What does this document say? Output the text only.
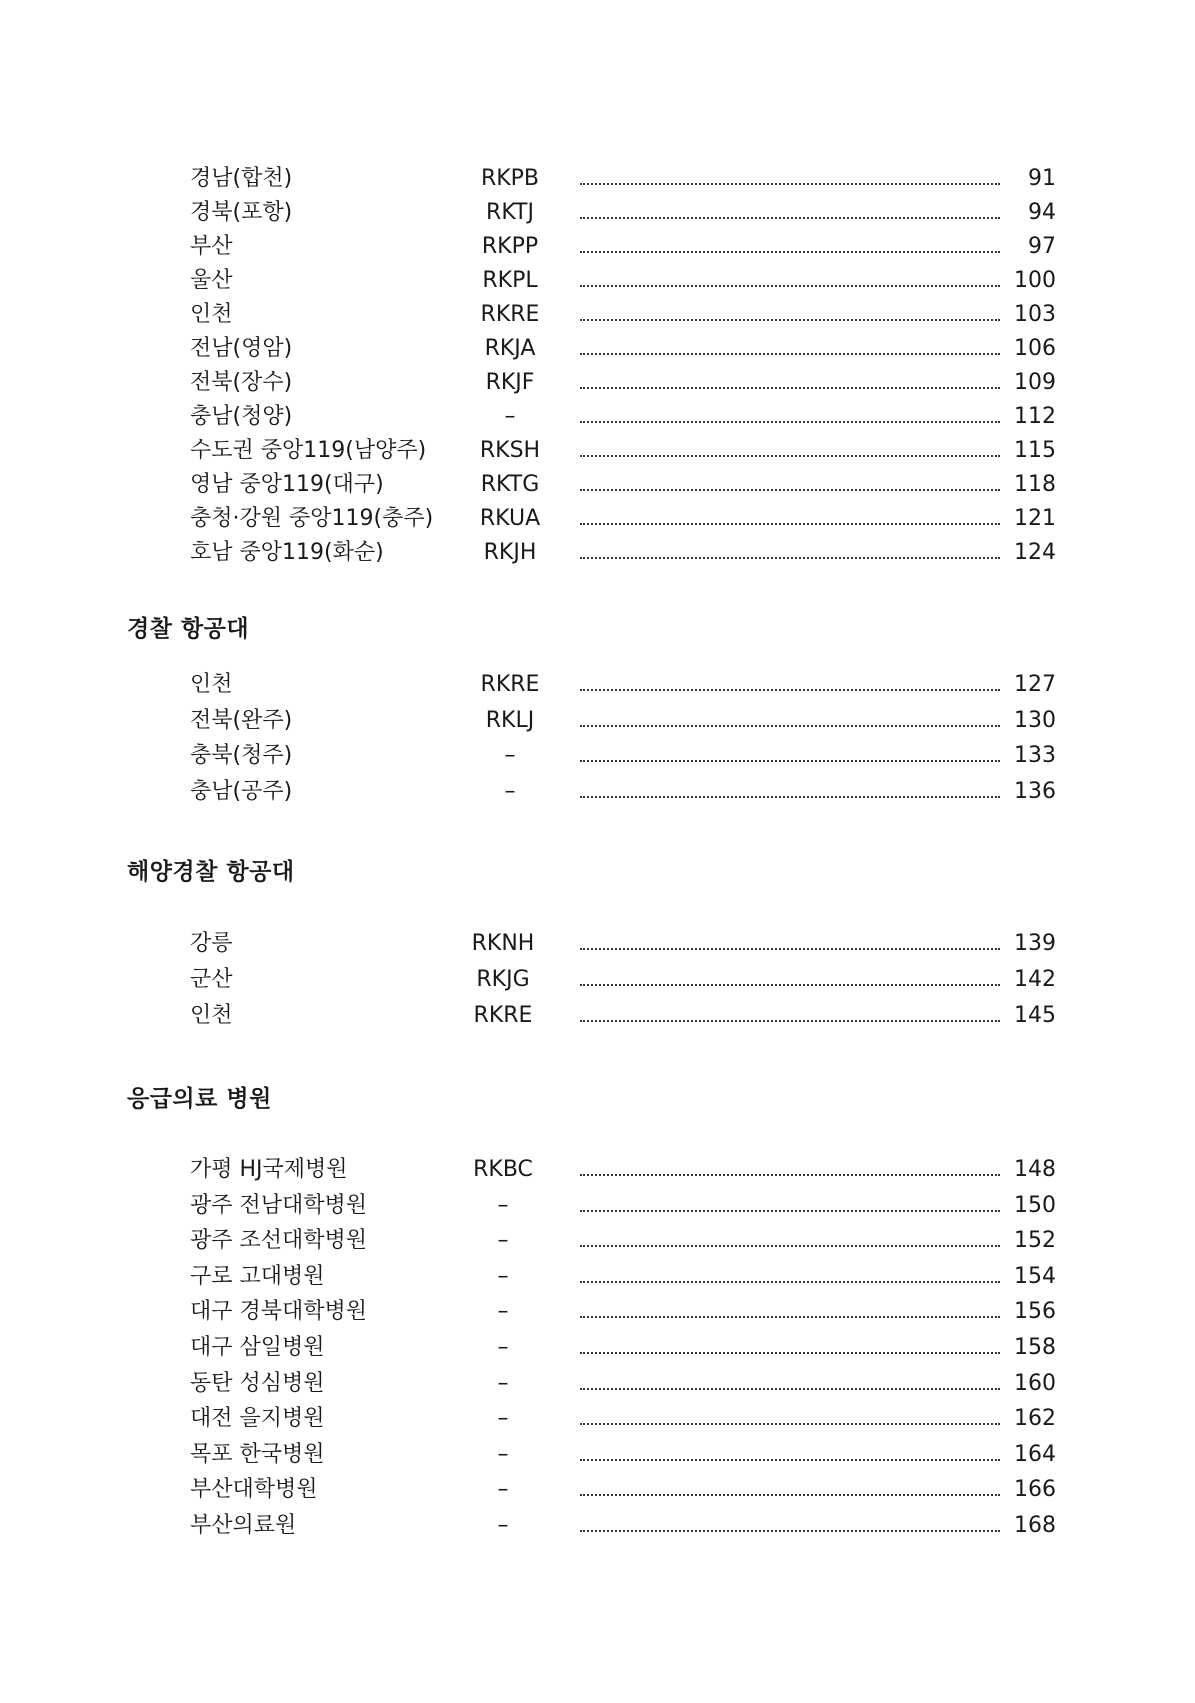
경남(합천)	RKPB	91
경북(포항)	RKTJ	94
부산	RKPP	97
울산	RKPL	100
인천	RKRE	103
전남(영암)	RKJA	106
전북(장수)	RKJF	109
충남(청양)	–	112
수도권 중앙119(남양주)	RKSH	115
영남 중앙119(대구)	RKTG	118
충청·강원 중앙119(충주)	RKUA	121
호남 중앙119(화순)	RKJH	124
경찰 항공대
인천	RKRE	127
전북(완주)	RKLJ	130
충북(청주)	–	133
충남(공주)	–	136
해양경찰 항공대
강릉	RKNH	139
군산	RKJG	142
인천	RKRE	145
응급의료 병원
가평 HJ국제병원	RKBC	148
광주 전남대학병원	–	150
광주 조선대학병원	–	152
구로 고대병원	–	154
대구 경북대학병원	–	156
대구 삼일병원	–	158
동탄 성심병원	–	160
대전 을지병원	–	162
목포 한국병원	–	164
부산대학병원	–	166
부산의료원	–	168
